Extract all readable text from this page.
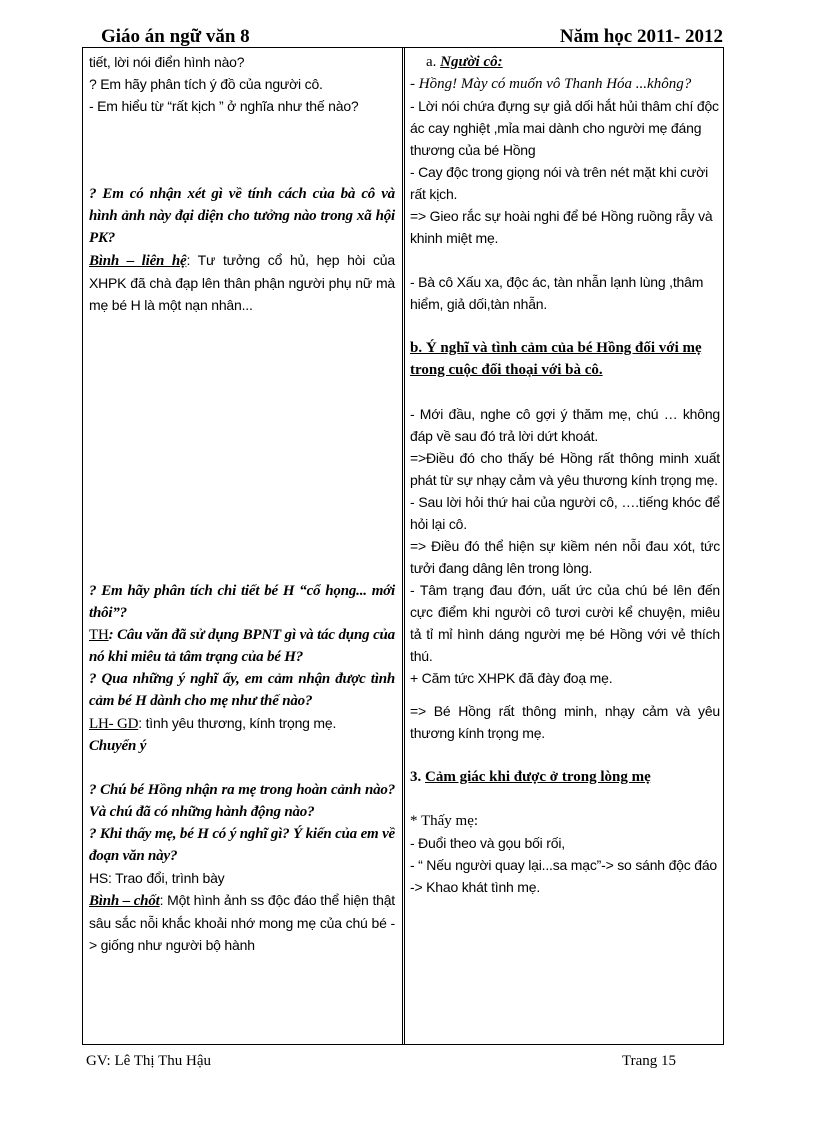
Giáo án ngữ văn 8	Năm học 2011- 2012

tiết, lời nói điển hình nào?

? Em hãy phân tích ý đồ của người cô.

- Em hiểu từ “rất kịch ” ở nghĩa như thế nào?

? Em có nhận xét gì về tính cách của bà cô và hình ảnh này đại diện cho tưởng nào trong xã hội PK?

Bình – liên hệ: Tư tưởng cổ hủ, hẹp hòi của XHPK đã chà đạp lên thân phận người phụ nữ mà mẹ bé H là một nạn nhân...

? Em hãy phân tích chi tiết bé H “cổ họng... mới thôi”?

TH: Câu văn đã sử dụng BPNT gì và tác dụng của nó khi miêu tả tâm trạng của bé H?

? Qua những ý nghĩ ấy, em cảm nhận được tình cảm bé H dành cho mẹ như thế nào?

LH- GD: tình yêu thương, kính trọng mẹ.

Chuyển ý

? Chú bé Hồng nhận ra mẹ trong hoàn cảnh nào?Và chú đã có những hành động nào?

? Khi thấy mẹ, bé H có ý nghĩ gì? Ý kiến của em về đoạn văn này?

HS: Trao đổi, trình bày

Bình – chốt: Một hình ảnh ss độc đáo thể hiện thật sâu sắc nỗi khắc khoải nhớ mong mẹ của chú bé -> giống như người bộ hành

a. Người cô:

- Hồng! Mày có muốn vô Thanh Hóa ...không?

- Lời nói chứa đựng sự giả dối hắt hủi thâm chí độc ác cay nghiệt ,mỉa mai dành cho người mẹ đáng thương của bé Hồng

- Cay độc trong giọng nói và trên nét mặt khi cười rất kịch.

=> Gieo rắc sự hoài nghi để bé Hồng ruồng rẫy và khinh miệt mẹ.

- Bà cô Xấu xa, độc ác, tàn nhẫn lạnh lùng ,thâm hiểm, giả dối,tàn nhẫn.

b. Ý nghĩ và tình cảm của bé Hồng đối với mẹ trong cuộc đối thoại với bà cô.

- Mới đầu, nghe cô gợi ý thăm mẹ, chú … không đáp về sau đó trả lời dứt khoát.

=>Điều đó cho thấy bé Hồng rất thông minh xuất phát từ sự nhạy cảm và yêu thương kính trọng mẹ.

- Sau lời hỏi thứ hai của người cô, ….tiếng khóc để hỏi lại cô.

=> Điều đó thể hiện sự kiềm nén nỗi đau xót, tức tưởi đang dâng lên trong lòng.

- Tâm trạng đau đớn, uất ức của chú bé lên đến cực điểm khi người cô tươi cười kể chuyện, miêu tả tỉ mỉ hình dáng người mẹ bé Hồng với vẻ thích thú.

+ Căm tức XHPK đã đày đoạ mẹ.

=> Bé Hồng rất thông minh, nhạy cảm và yêu thương kính trọng mẹ.

3. Cảm giác khi được ở trong lòng mẹ

* Thấy mẹ:

- Đuổi theo và gọu bối rối,

- “ Nếu người quay lại...sa mạc”-> so sánh độc đáo

-> Khao khát tình mẹ.

GV: Lê Thị Thu Hậu	Trang 15
